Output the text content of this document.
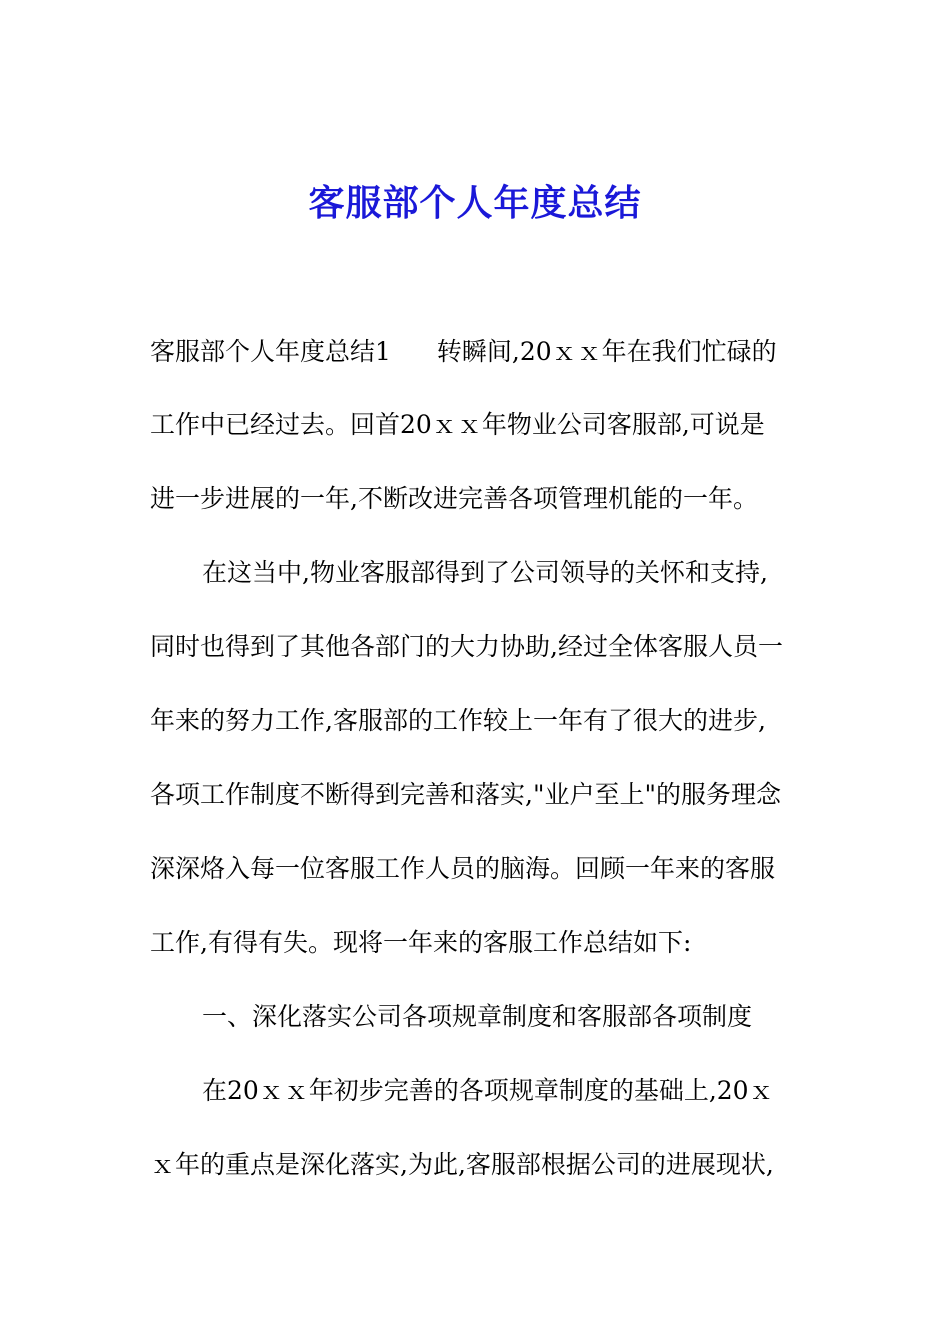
客服部个人年度总结
客服部个人年度总结1 转瞬间,20ｘｘ年在我们忙碌的
工作中已经过去。回首20ｘｘ年物业公司客服部,可说是
进一步进展的一年,不断改进完善各项管理机能的一年。
在这当中,物业客服部得到了公司领导的关怀和支持,
同时也得到了其他各部门的大力协助,经过全体客服人员一
年来的努力工作,客服部的工作较上一年有了很大的进步,
各项工作制度不断得到完善和落实,"业户至上"的服务理念
深深烙入每一位客服工作人员的脑海。回顾一年来的客服
工作,有得有失。现将一年来的客服工作总结如下:
一、深化落实公司各项规章制度和客服部各项制度
在20ｘｘ年初步完善的各项规章制度的基础上,20ｘ
ｘ年的重点是深化落实,为此,客服部根据公司的进展现状,
